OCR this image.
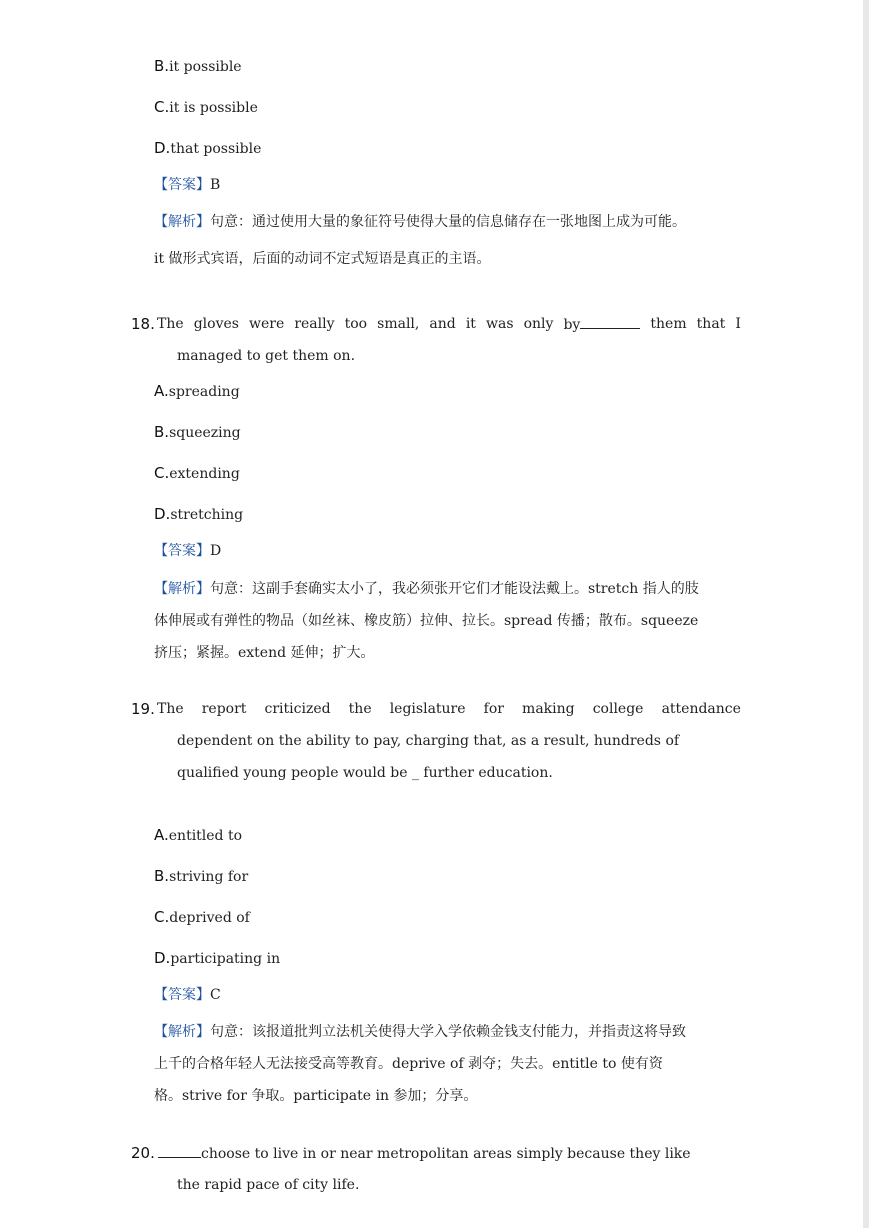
B.it possible
C.it is possible
D.that possible
【答案】B
【解析】句意：通过使用大量的象征符号使得大量的信息储存在一张地图上成为可能。
it 做形式宾语，后面的动词不定式短语是真正的主语。
18. The gloves were really too small, and it was only by	them that I
managed to get them on.
A.spreading
B.squeezing
C.extending
D.stretching
【答案】D
【解析】句意：这副手套确实太小了，我必须张开它们才能设法戴上。stretch 指人的肢
体伸展或有弹性的物品（如丝袜、橡皮筋）拉伸、拉长。spread 传播；散布。squeeze
挤压；紧握。extend 延伸；扩大。
19. The report criticized the legislature for making college attendance
dependent on the ability to pay, charging that, as a result, hundreds of
qualified young people would be _ further education.
A.entitled to
B.striving for
C.deprived of
D.participating in
【答案】C
【解析】句意：该报道批判立法机关使得大学入学依赖金钱支付能力，并指责这将导致
上千的合格年轻人无法接受高等教育。deprive of 剥夺；失去。entitle to 使有资
格。strive for 争取。participate in 参加；分享。
20.	choose to live in or near metropolitan areas simply because they like
the rapid pace of city life.
